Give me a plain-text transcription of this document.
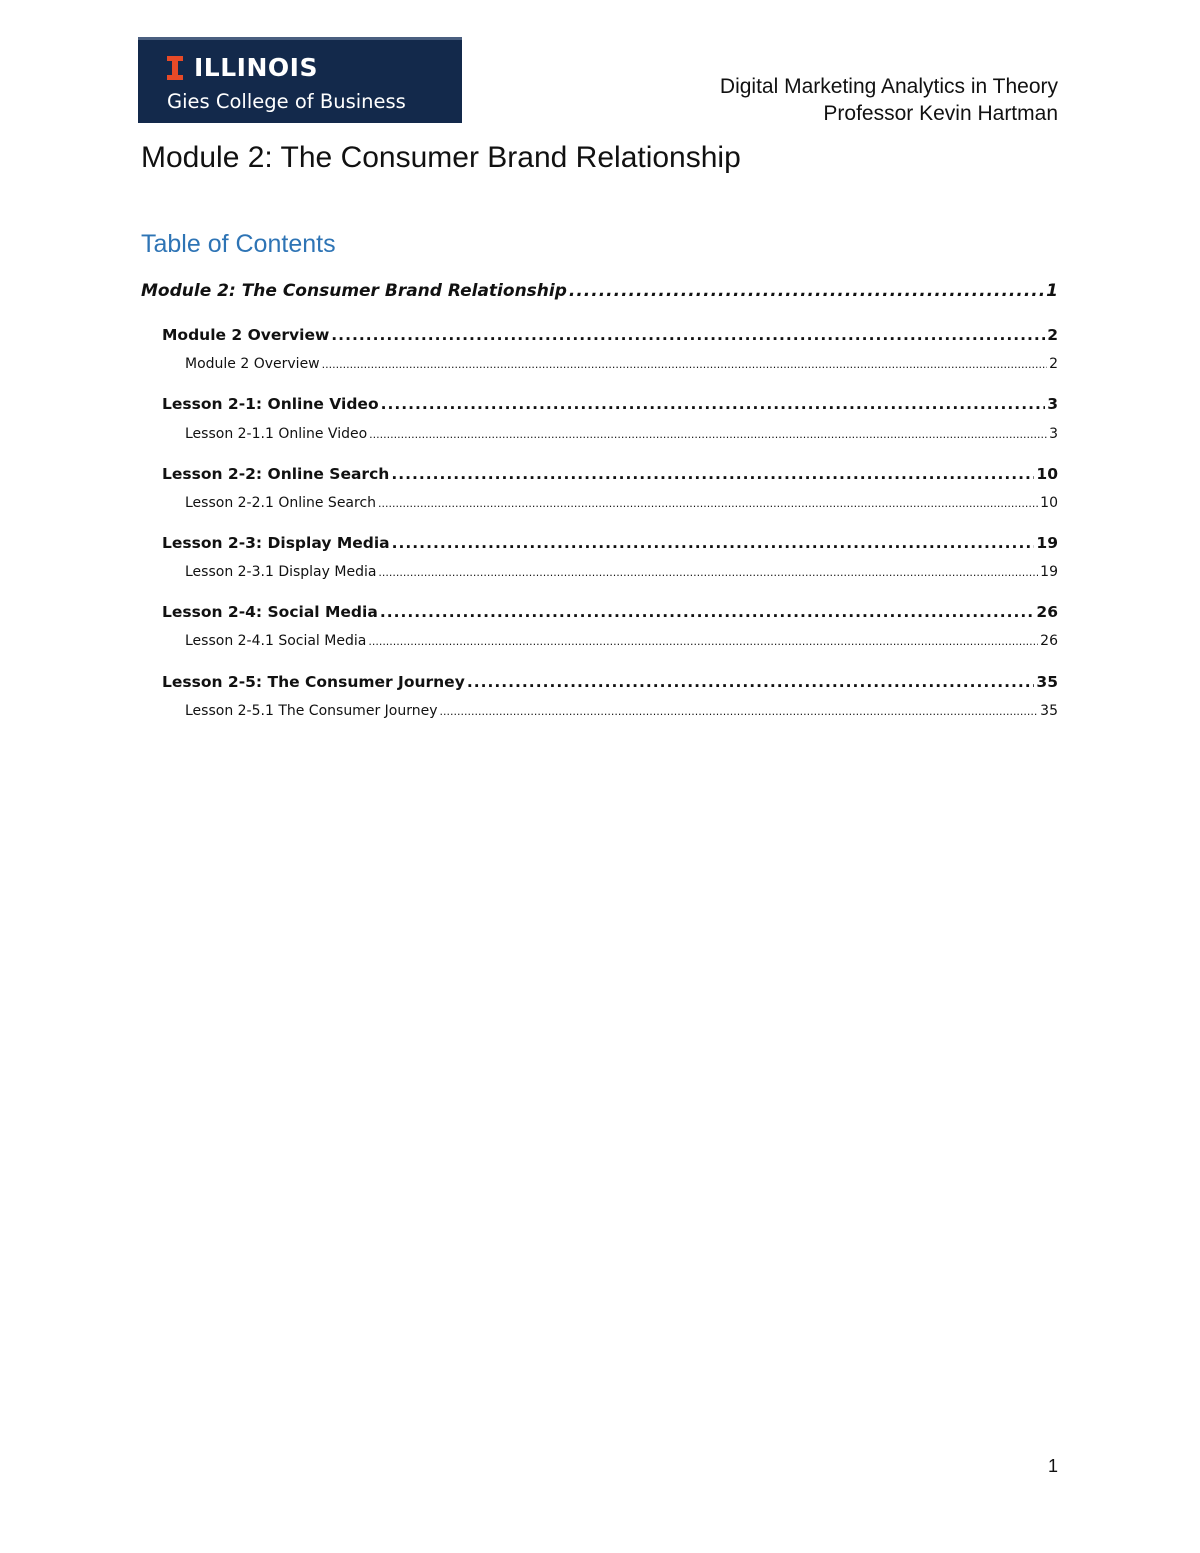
ILLINOIS
Gies College of Business
Digital Marketing Analytics in Theory
Professor Kevin Hartman
Module 2: The Consumer Brand Relationship
Table of Contents
Module 2: The Consumer Brand Relationship .....	1
Module 2 Overview .....	2
Module 2 Overview .....	2
Lesson 2-1: Online Video .....	3
Lesson 2-1.1 Online Video .....	3
Lesson 2-2: Online Search .....	10
Lesson 2-2.1 Online Search .....	10
Lesson 2-3: Display Media .....	19
Lesson 2-3.1 Display Media .....	19
Lesson 2-4: Social Media .....	26
Lesson 2-4.1 Social Media .....	26
Lesson 2-5: The Consumer Journey .....	35
Lesson 2-5.1 The Consumer Journey .....	35
1
